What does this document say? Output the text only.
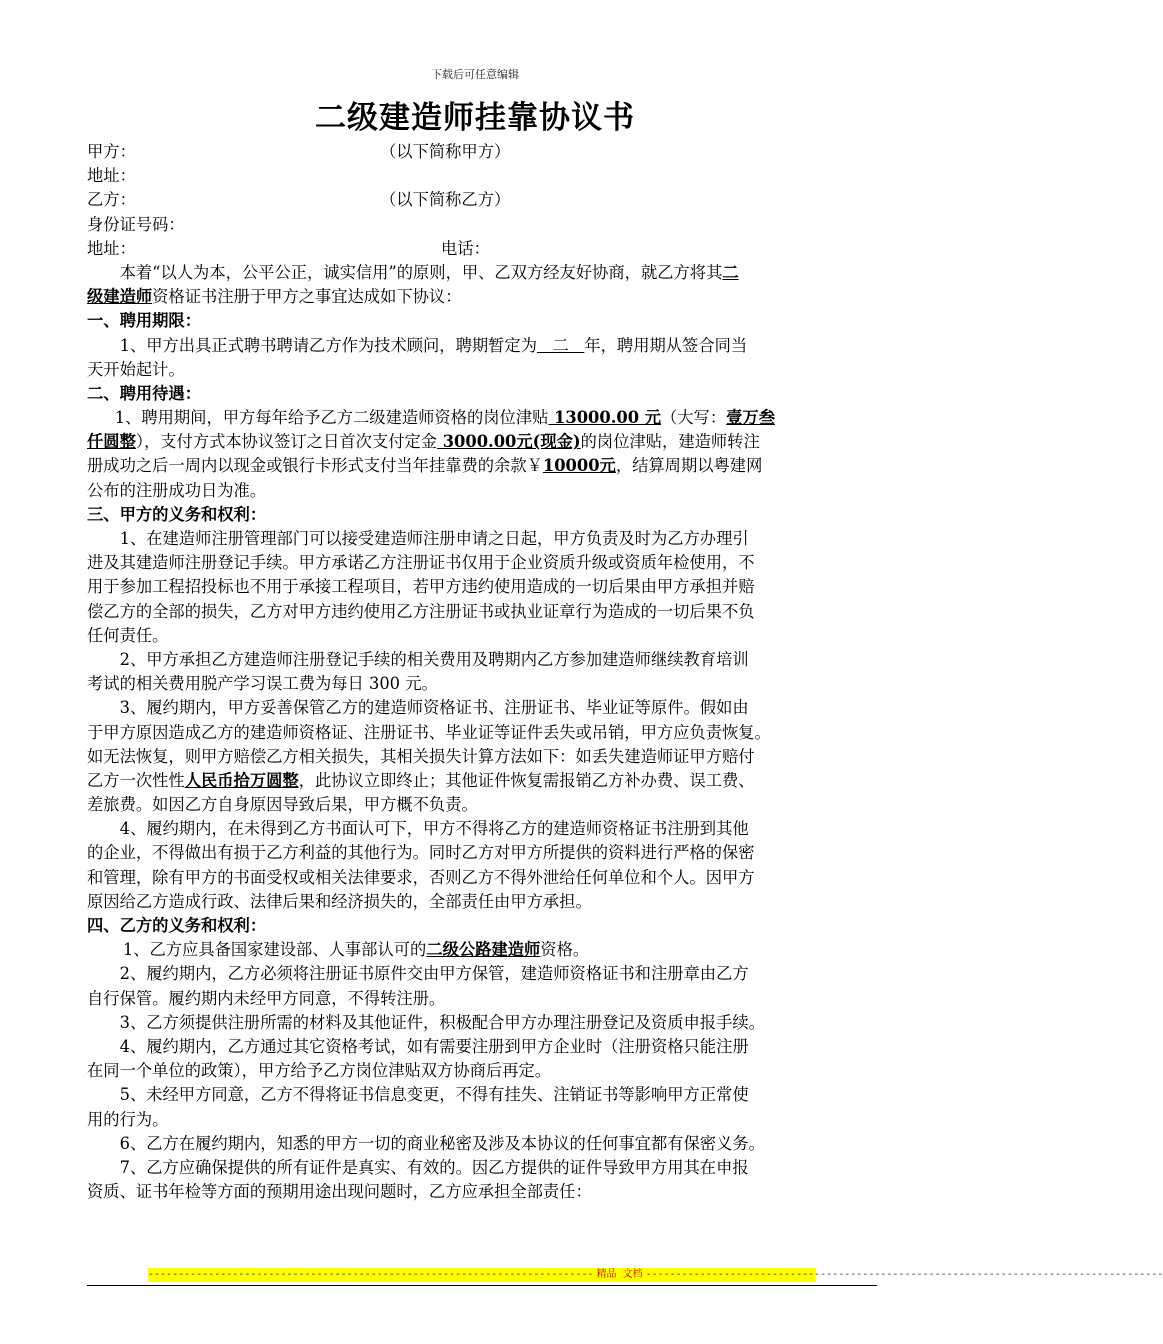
下载后可任意编辑
二级建造师挂靠协议书
甲方：	（以下简称甲方）
地址：
乙方：	（以下简称乙方）
身份证号码：
地址：	电话：
本着“以人为本，公平公正，诚实信用”的原则，甲、乙双方经友好协商，就乙方将其二
级建造师资格证书注册于甲方之事宜达成如下协议：
一、聘用期限：
1、甲方出具正式聘书聘请乙方作为技术顾问，聘期暂定为   二   年，聘用期从签合同当
天开始起计。
二、聘用待遇：
1、聘用期间，甲方每年给予乙方二级建造师资格的岗位津贴 13000.00 元（大写：壹万叁
仟圆整），支付方式本协议签订之日首次支付定金 3000.00元(现金)的岗位津贴，建造师转注
册成功之后一周内以现金或银行卡形式支付当年挂靠费的余款￥10000元，结算周期以粤建网
公布的注册成功日为准。
三、甲方的义务和权利：
1、在建造师注册管理部门可以接受建造师注册申请之日起，甲方负责及时为乙方办理引
进及其建造师注册登记手续。甲方承诺乙方注册证书仅用于企业资质升级或资质年检使用，不
用于参加工程招投标也不用于承接工程项目，若甲方违约使用造成的一切后果由甲方承担并赔
偿乙方的全部的损失，乙方对甲方违约使用乙方注册证书或执业证章行为造成的一切后果不负
任何责任。
2、甲方承担乙方建造师注册登记手续的相关费用及聘期内乙方参加建造师继续教育培训
考试的相关费用脱产学习误工费为每日 300 元。
3、履约期内，甲方妥善保管乙方的建造师资格证书、注册证书、毕业证等原件。假如由
于甲方原因造成乙方的建造师资格证、注册证书、毕业证等证件丢失或吊销，甲方应负责恢复。
如无法恢复，则甲方赔偿乙方相关损失，其相关损失计算方法如下：如丢失建造师证甲方赔付
乙方一次性性人民币拾万圆整，此协议立即终止；其他证件恢复需报销乙方补办费、误工费、
差旅费。如因乙方自身原因导致后果，甲方概不负责。
4、履约期内，在未得到乙方书面认可下，甲方不得将乙方的建造师资格证书注册到其他
的企业，不得做出有损于乙方利益的其他行为。同时乙方对甲方所提供的资料进行严格的保密
和管理，除有甲方的书面受权或相关法律要求，否则乙方不得外泄给任何单位和个人。因甲方
原因给乙方造成行政、法律后果和经济损失的，全部责任由甲方承担。
四、乙方的义务和权利：
1、乙方应具备国家建设部、人事部认可的二级公路建造师资格。
2、履约期内，乙方必须将注册证书原件交由甲方保管，建造师资格证书和注册章由乙方
自行保管。履约期内未经甲方同意，不得转注册。
3、乙方须提供注册所需的材料及其他证件，积极配合甲方办理注册登记及资质申报手续。
4、履约期内，乙方通过其它资格考试，如有需要注册到甲方企业时（注册资格只能注册
在同一个单位的政策），甲方给予乙方岗位津贴双方协商后再定。
5、未经甲方同意，乙方不得将证书信息变更，不得有挂失、注销证书等影响甲方正常使
用的行为。
6、乙方在履约期内，知悉的甲方一切的商业秘密及涉及本协议的任何事宜都有保密义务。
7、乙方应确保提供的所有证件是真实、有效的。因乙方提供的证件导致甲方用其在申报
资质、证书年检等方面的预期用途出现问题时，乙方应承担全部责任：
-------------------------------------------------------------------------- 精品 文档 --------------------------------------------------------------------------------------
